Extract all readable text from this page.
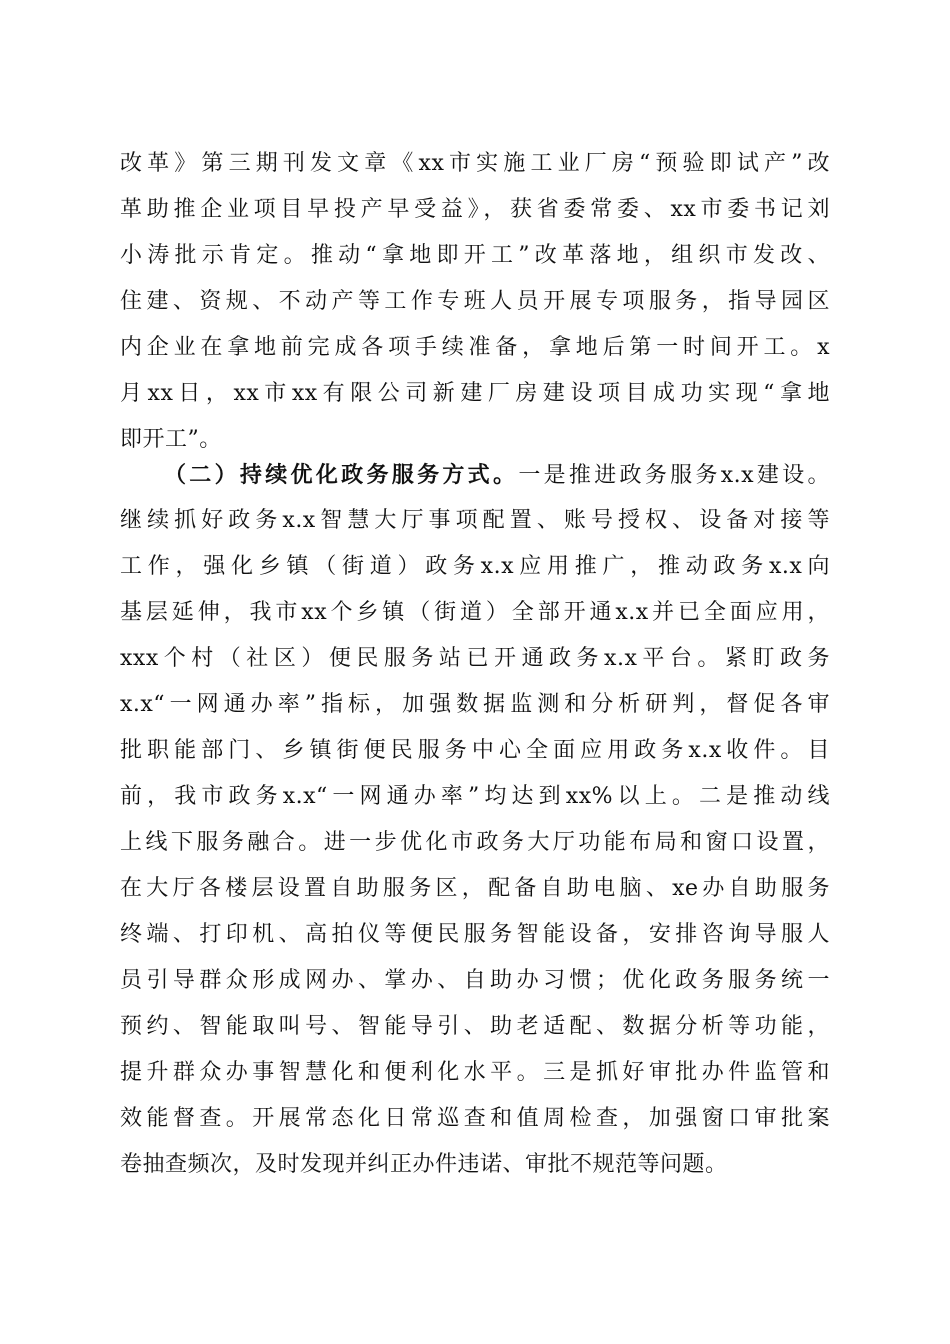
改革》第三期刊发文章《xx市实施工业厂房“预验即试产”改
革助推企业项目早投产早受益》，获省委常委、xx市委书记刘
小涛批示肯定。推动“拿地即开工”改革落地，组织市发改、
住建、资规、不动产等工作专班人员开展专项服务，指导园区
内企业在拿地前完成各项手续准备，拿地后第一时间开工。x
月xx日，xx市xx有限公司新建厂房建设项目成功实现“拿地
即开工”。
（二）持续优化政务服务方式。一是推进政务服务x.x建设。
继续抓好政务x.x智慧大厅事项配置、账号授权、设备对接等
工作，强化乡镇（街道）政务x.x应用推广，推动政务x.x向
基层延伸，我市xx个乡镇（街道）全部开通x.x并已全面应用，
xxx个村（社区）便民服务站已开通政务x.x平台。紧盯政务
x.x“一网通办率”指标，加强数据监测和分析研判，督促各审
批职能部门、乡镇街便民服务中心全面应用政务x.x收件。目
前，我市政务x.x“一网通办率”均达到xx%以上。二是推动线
上线下服务融合。进一步优化市政务大厅功能布局和窗口设置，
在大厅各楼层设置自助服务区，配备自助电脑、xe办自助服务
终端、打印机、高拍仪等便民服务智能设备，安排咨询导服人
员引导群众形成网办、掌办、自助办习惯；优化政务服务统一
预约、智能取叫号、智能导引、助老适配、数据分析等功能，
提升群众办事智慧化和便利化水平。三是抓好审批办件监管和
效能督查。开展常态化日常巡查和值周检查，加强窗口审批案
卷抽查频次，及时发现并纠正办件违诺、审批不规范等问题。
